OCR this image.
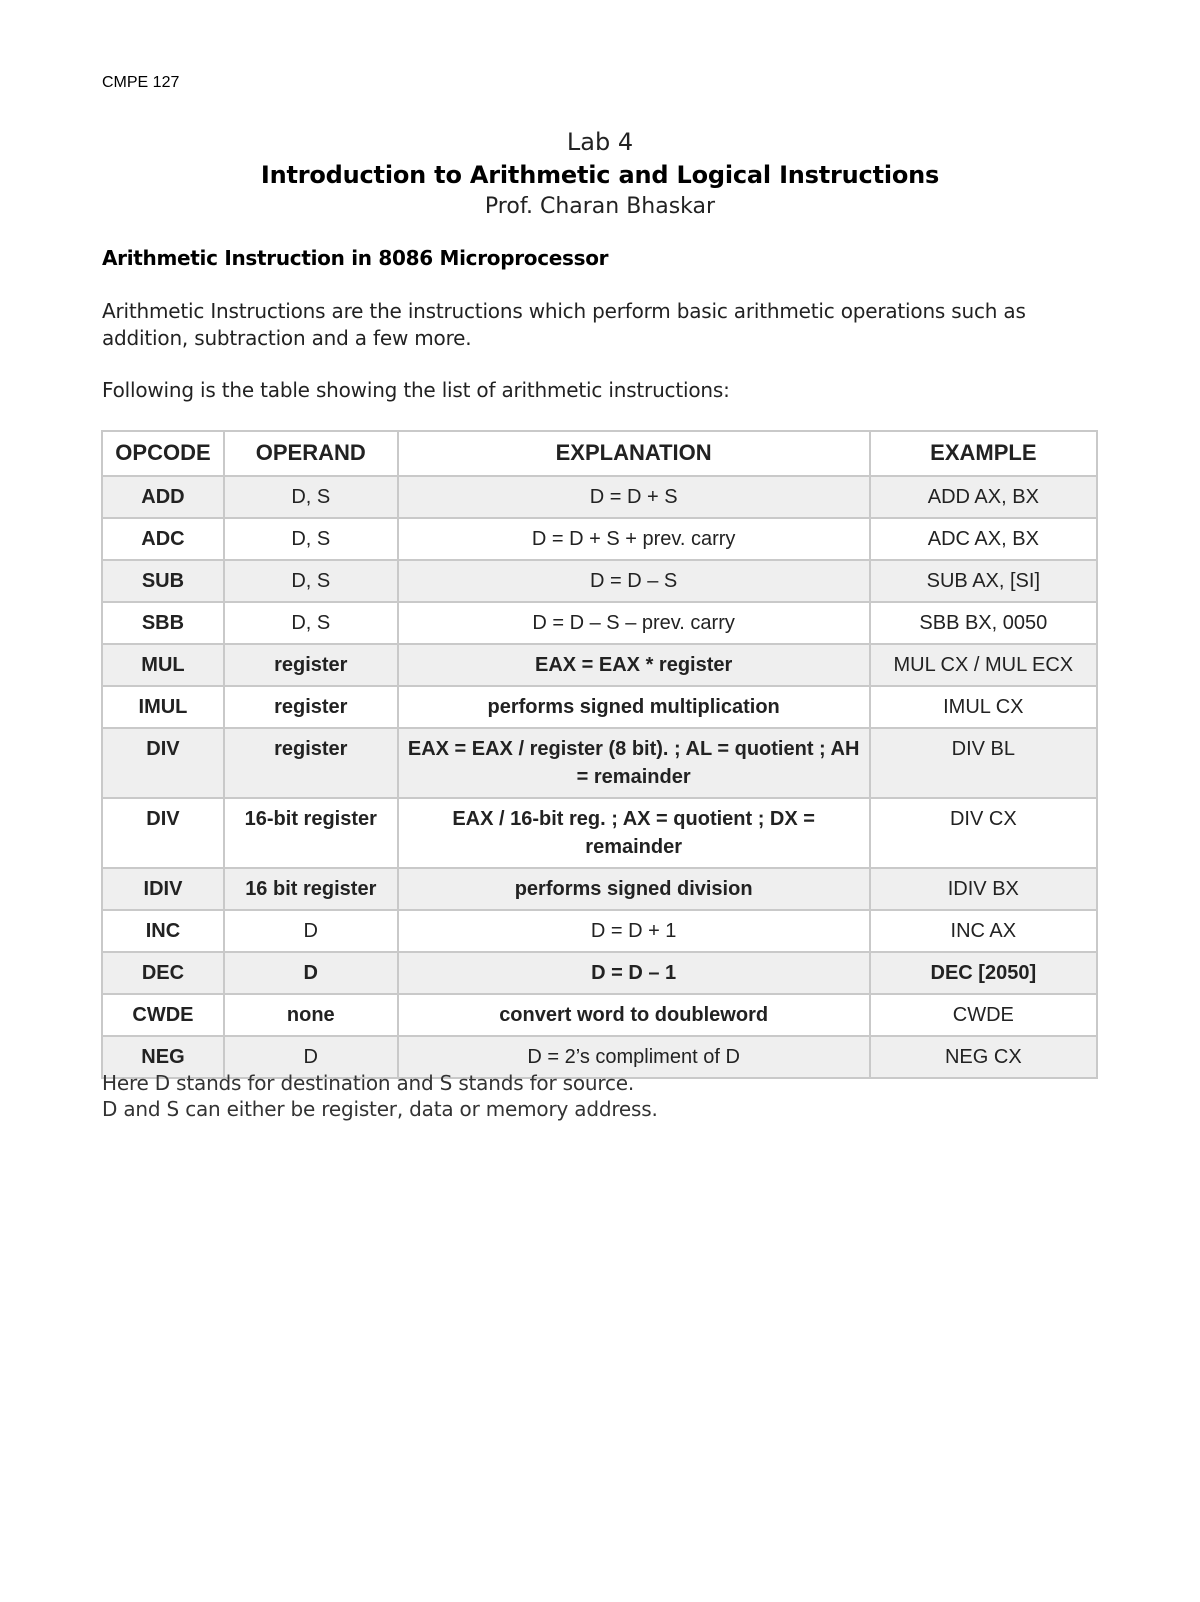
CMPE 127
Lab 4
Introduction to Arithmetic and Logical Instructions
Prof. Charan Bhaskar
Arithmetic Instruction in 8086 Microprocessor

Arithmetic Instructions are the instructions which perform basic arithmetic operations such as addition, subtraction and a few more.

Following is the table showing the list of arithmetic instructions:

OPCODE	OPERAND	EXPLANATION	EXAMPLE
ADD	D, S	D = D + S	ADD AX, BX
ADC	D, S	D = D + S + prev. carry	ADC AX, BX
SUB	D, S	D = D – S	SUB AX, [SI]
SBB	D, S	D = D – S – prev. carry	SBB BX, 0050
MUL	register	EAX = EAX * register	MUL CX / MUL ECX
IMUL	register	performs signed multiplication	IMUL CX
DIV	register	EAX = EAX / register (8 bit). ; AL = quotient ; AH = remainder	DIV BL
DIV	16-bit register	EAX / 16-bit reg. ; AX = quotient ; DX = remainder	DIV CX
IDIV	16 bit register	performs signed division	IDIV BX
INC	D	D = D + 1	INC AX
DEC	D	D = D – 1	DEC [2050]
CWDE	none	convert word to doubleword	CWDE
NEG	D	D = 2’s compliment of D	NEG CX
Here D stands for destination and S stands for source.
D and S can either be register, data or memory address.
